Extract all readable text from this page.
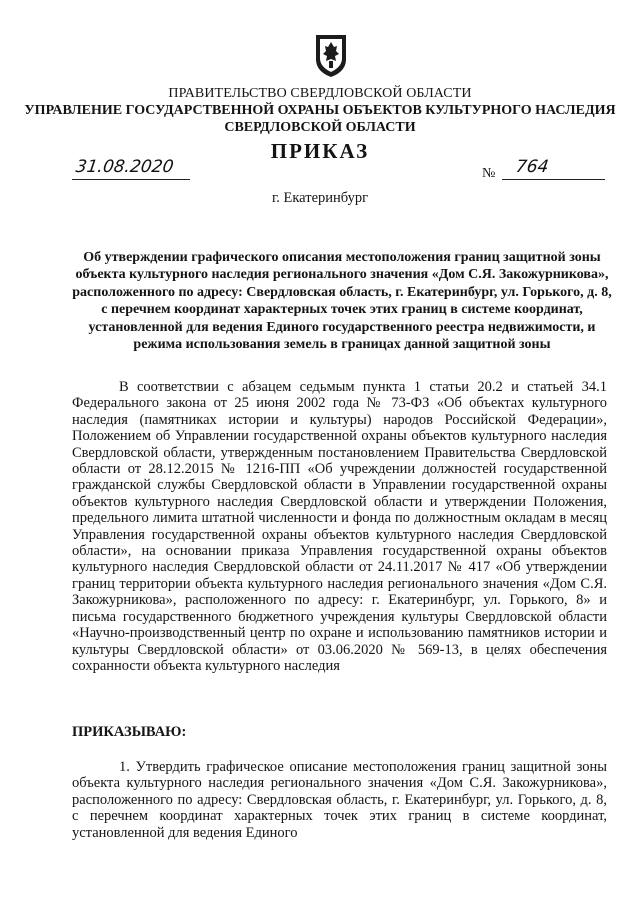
ПРАВИТЕЛЬСТВО СВЕРДЛОВСКОЙ ОБЛАСТИ
УПРАВЛЕНИЕ ГОСУДАРСТВЕННОЙ ОХРАНЫ ОБЪЕКТОВ КУЛЬТУРНОГО НАСЛЕДИЯ СВЕРДЛОВСКОЙ ОБЛАСТИ
ПРИКАЗ
31.08.2020	№ 764
г. Екатеринбург
Об утверждении графического описания местоположения границ защитной зоны объекта культурного наследия регионального значения «Дом С.Я. Закожурникова», расположенного по адресу: Свердловская область, г. Екатеринбург, ул. Горького, д. 8, с перечнем координат характерных точек этих границ в системе координат, установленной для ведения Единого государственного реестра недвижимости, и режима использования земель в границах данной защитной зоны
В соответствии с абзацем седьмым пункта 1 статьи 20.2 и статьей 34.1 Федерального закона от 25 июня 2002 года № 73-ФЗ «Об объектах культурного наследия (памятниках истории и культуры) народов Российской Федерации», Положением об Управлении государственной охраны объектов культурного наследия Свердловской области, утвержденным постановлением Правительства Свердловской области от 28.12.2015 № 1216-ПП «Об учреждении должностей государственной гражданской службы Свердловской области в Управлении государственной охраны объектов культурного наследия Свердловской области и утверждении Положения, предельного лимита штатной численности и фонда по должностным окладам в месяц Управления государственной охраны объектов культурного наследия Свердловской области», на основании приказа Управления государственной охраны объектов культурного наследия Свердловской области от 24.11.2017 № 417 «Об утверждении границ территории объекта культурного наследия регионального значения «Дом С.Я. Закожурникова», расположенного по адресу: г. Екатеринбург, ул. Горького, 8» и письма государственного бюджетного учреждения культуры Свердловской области «Научно-производственный центр по охране и использованию памятников истории и культуры Свердловской области» от 03.06.2020 № 569-13, в целях обеспечения сохранности объекта культурного наследия
ПРИКАЗЫВАЮ:
1. Утвердить графическое описание местоположения границ защитной зоны объекта культурного наследия регионального значения «Дом С.Я. Закожурникова», расположенного по адресу: Свердловская область, г. Екатеринбург, ул. Горького, д. 8, с перечнем координат характерных точек этих границ в системе координат, установленной для ведения Единого
